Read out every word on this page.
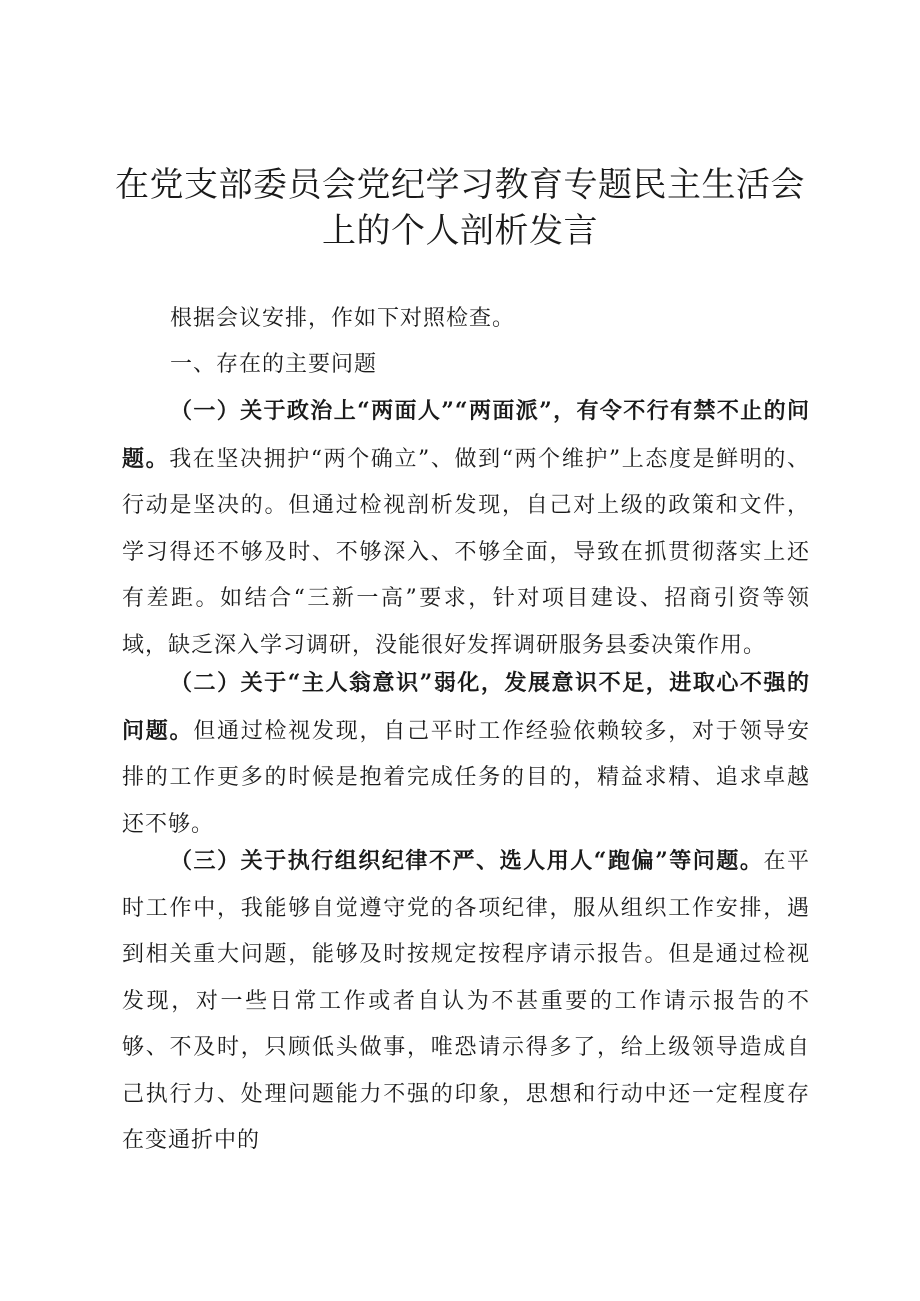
在党支部委员会党纪学习教育专题民主生活会
上的个人剖析发言

根据会议安排，作如下对照检查。

一、存在的主要问题

（一）关于政治上“两面人”“两面派”，有令不行有禁不止的问题。我在坚决拥护“两个确立”、做到“两个维护”上态度是鲜明的、行动是坚决的。但通过检视剖析发现，自己对上级的政策和文件，学习得还不够及时、不够深入、不够全面，导致在抓贯彻落实上还有差距。如结合“三新一高”要求，针对项目建设、招商引资等领域，缺乏深入学习调研，没能很好发挥调研服务县委决策作用。

（二）关于“主人翁意识”弱化，发展意识不足，进取心不强的问题。但通过检视发现，自己平时工作经验依赖较多，对于领导安排的工作更多的时候是抱着完成任务的目的，精益求精、追求卓越还不够。

（三）关于执行组织纪律不严、选人用人“跑偏”等问题。在平时工作中，我能够自觉遵守党的各项纪律，服从组织工作安排，遇到相关重大问题，能够及时按规定按程序请示报告。但是通过检视发现，对一些日常工作或者自认为不甚重要的工作请示报告的不够、不及时，只顾低头做事，唯恐请示得多了，给上级领导造成自己执行力、处理问题能力不强的印象，思想和行动中还一定程度存在变通折中的
